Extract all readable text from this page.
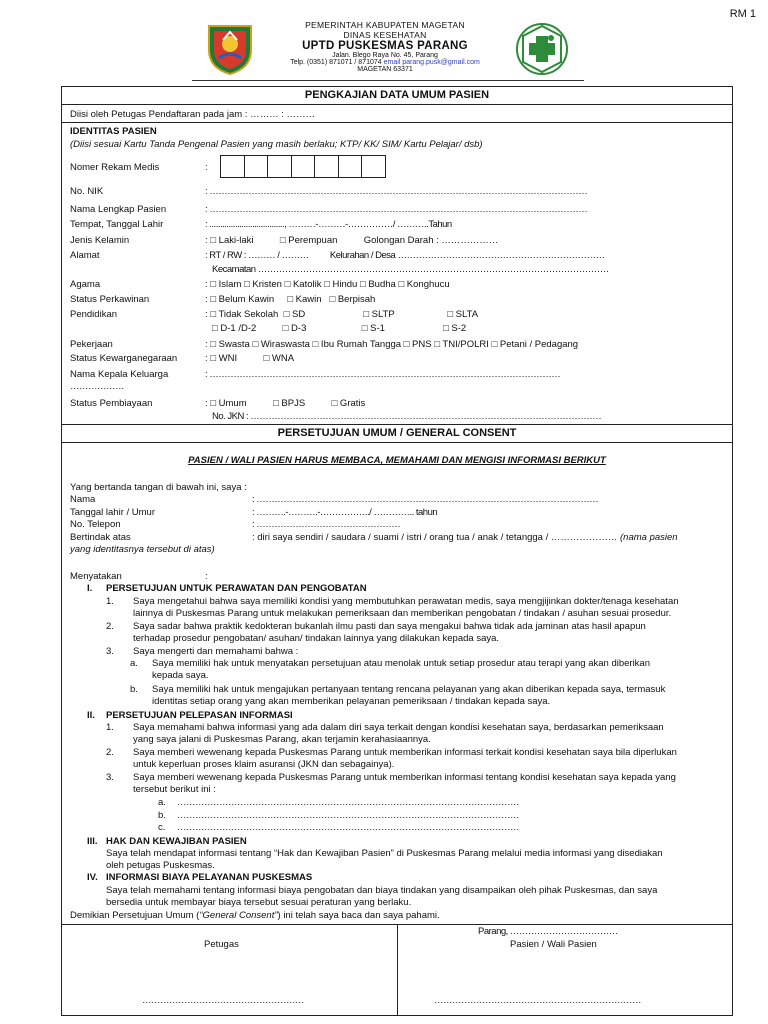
RM 1
PEMERINTAH KABUPATEN MAGETAN
DINAS KESEHATAN
UPTD PUSKESMAS PARANG
Jalan. Blego Raya No. 45, Parang
Telp. (0351) 871071 / 871074 email parang.pusk@gmail.com
MAGETAN 63371
PENGKAJIAN DATA UMUM PASIEN
Diisi oleh Petugas Pendaftaran pada jam : ……… : ………
IDENTITAS PASIEN
(Diisi sesuai Kartu Tanda Pengenal Pasien yang masih berlaku; KTP/ KK/ SIM/ Kartu Pelajar/ dsb)
Nomer Rekam Medis	:
No. NIK	: ………………………………………………………………………………………………………………
Nama Lengkap Pasien	: ………………………………………………………………………………………………………………
Tempat, Tanggal Lahir	: ..................................., ………-………-……………/ ………..Tahun
Jenis Kelamin	: □ Laki-laki          □ Perempuan          Golongan Darah : ………………
Alamat	: RT / RW : ……… / ………          Kelurahan / Desa ……………………………………………………………
Kecamatan ………………………………………………………………………………………………………
Agama	: □ Islam □ Kristen □ Katolik □ Hindu □ Budha □ Konghucu
Status Perkawinan	: □ Belum Kawin     □ Kawin   □ Berpisah
Pendidikan	: □ Tidak Sekolah  □ SD                      □ SLTP                    □ SLTA
□ D-1 /D-2          □ D-3                     □ S-1                      □ S-2
Pekerjaan	: □ Swasta □ Wiraswasta □ Ibu Rumah Tangga □ PNS □ TNI/POLRI □ Petani / Pedagang
Status Kewarganegaraan	: □ WNI          □ WNA
Nama Kepala Keluarga	: ………………………………………………………………………………………………………
………………
Status Pembiayaan	: □ Umum          □ BPJS          □ Gratis
No. JKN : ………………………………………………………………………………………………………
PERSETUJUAN UMUM / GENERAL CONSENT
PASIEN / WALI PASIEN HARUS MEMBACA, MEMAHAMI DAN MENGISI INFORMASI BERIKUT
Yang bertanda tangan di bawah ini, saya :
Nama	: ……………………………………………………………………………………………………
Tanggal lahir / Umur	: ……….-……….-……………../ ………….. tahun
No. Telepon	: …………………………………………
Bertindak atas	: diri saya sendiri / saudara / suami / istri / orang tua / anak / tetangga / ………………… (nama pasien
yang identitasnya tersebut di atas)
Menyatakan	:
I. PERSETUJUAN UNTUK PERAWATAN DAN PENGOBATAN
1. Saya mengetahui bahwa saya memiliki kondisi yang membutuhkan perawatan medis, saya mengjijinkan dokter/tenaga kesehatan
lainnya di Puskesmas Parang untuk melakukan pemeriksaan dan memberikan pengobatan / tindakan / asuhan sesuai prosedur.
2. Saya sadar bahwa praktik kedokteran bukanlah ilmu pasti dan saya mengakui bahwa tidak ada jaminan atas hasil apapun
terhadap prosedur pengobatan/ asuhan/ tindakan lainnya yang dilakukan kepada saya.
3. Saya mengerti dan memahami bahwa :
a. Saya memiliki hak untuk menyatakan persetujuan atau menolak untuk setiap prosedur atau terapi yang akan diberikan
kepada saya.
b. Saya memiliki hak untuk mengajukan pertanyaan tentang rencana pelayanan yang akan diberikan kepada saya, termasuk
identitas setiap orang yang akan memberikan pelayanan pemeriksaan / tindakan kepada saya.
II. PERSETUJUAN PELEPASAN INFORMASI
1. Saya memahami bahwa informasi yang ada dalam diri saya terkait dengan kondisi kesehatan saya, berdasarkan pemeriksaan
yang saya jalani di Puskesmas Parang, akan terjamin kerahasiaannya.
2. Saya memberi wewenang kepada Puskesmas Parang untuk memberikan informasi terkait kondisi kesehatan saya bila diperlukan
untuk keperluan proses klaim asuransi (JKN dan sebagainya).
3. Saya memberi wewenang kepada Puskesmas Parang untuk memberikan informasi tentang kondisi kesehatan saya kepada yang
tersebut berikut ini :
a. ……………………………………………………………………………………………………
b. ……………………………………………………………………………………………………
c. ……………………………………………………………………………………………………
III. HAK DAN KEWAJIBAN PASIEN
Saya telah mendapat informasi tentang “Hak dan Kewajiban Pasien” di Puskesmas Parang melalui media informasi yang disediakan
oleh petugas Puskesmas.
IV. INFORMASI BIAYA PELAYANAN PUSKESMAS
Saya telah memahami tentang informasi biaya pengobatan dan biaya tindakan yang disampaikan oleh pihak Puskesmas, dan saya
bersedia untuk membayar biaya tersebut sesuai peraturan yang berlaku.
Demikian Persetujuan Umum (“General Consent”) ini telah saya baca dan saya pahami.
Parang, ………………………………
Petugas	Pasien / Wali Pasien
………………………………………………	……………………………………………………………
